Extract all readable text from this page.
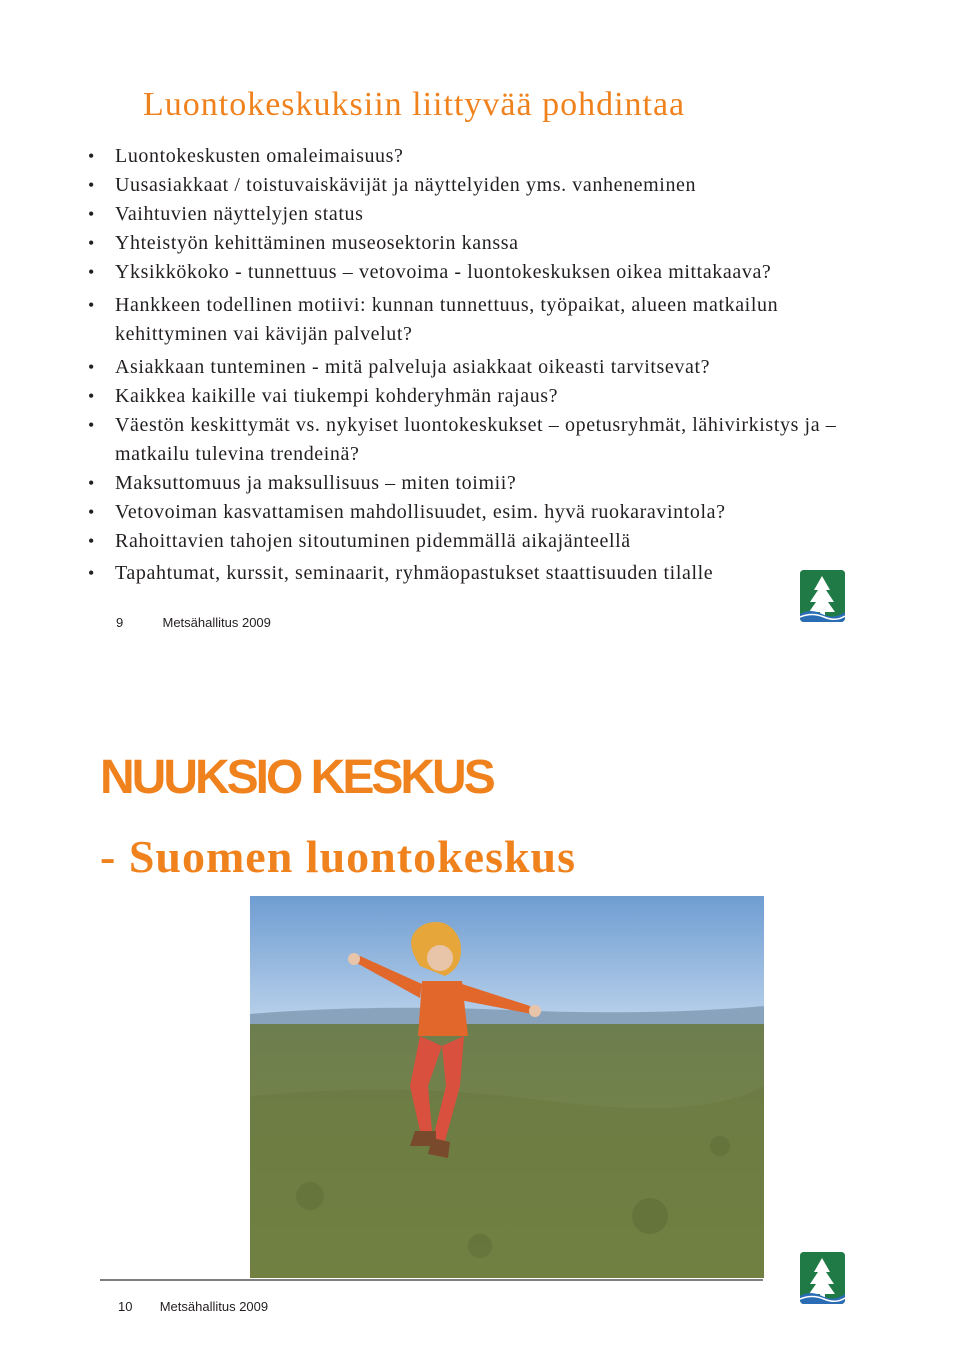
Luontokeskuksiin liittyvää pohdintaa
• Luontokeskusten omaleimaisuus?
• Uusasiakkaat / toistuvaiskävijät ja näyttelyiden yms. vanheneminen
• Vaihtuvien näyttelyjen status
• Yhteistyön kehittäminen museosektorin kanssa
• Yksikkökoko - tunnettuus – vetovoima - luontokeskuksen oikea mittakaava?
• Hankkeen todellinen motiivi: kunnan tunnettuus, työpaikat, alueen matkailun kehittyminen vai kävijän palvelut?
• Asiakkaan tunteminen - mitä palveluja asiakkaat oikeasti tarvitsevat?
• Kaikkea kaikille vai tiukempi kohderyhmän rajaus?
• Väestön keskittymät vs. nykyiset luontokeskukset – opetusryhmät, lähivirkistys ja – matkailu tulevina trendeinä?
• Maksuttomuus ja maksullisuus – miten toimii?
• Vetovoiman kasvattamisen mahdollisuudet, esim. hyvä ruokaravintola?
• Rahoittavien tahojen sitoutuminen pidemmällä aikajänteellä
• Tapahtumat, kurssit, seminaarit, ryhmäopastukset staattisuuden tilalle
9	Metsähallitus 2009
NUUKSIO KESKUS
- Suomen luontokeskus
10 Metsähallitus 2009
